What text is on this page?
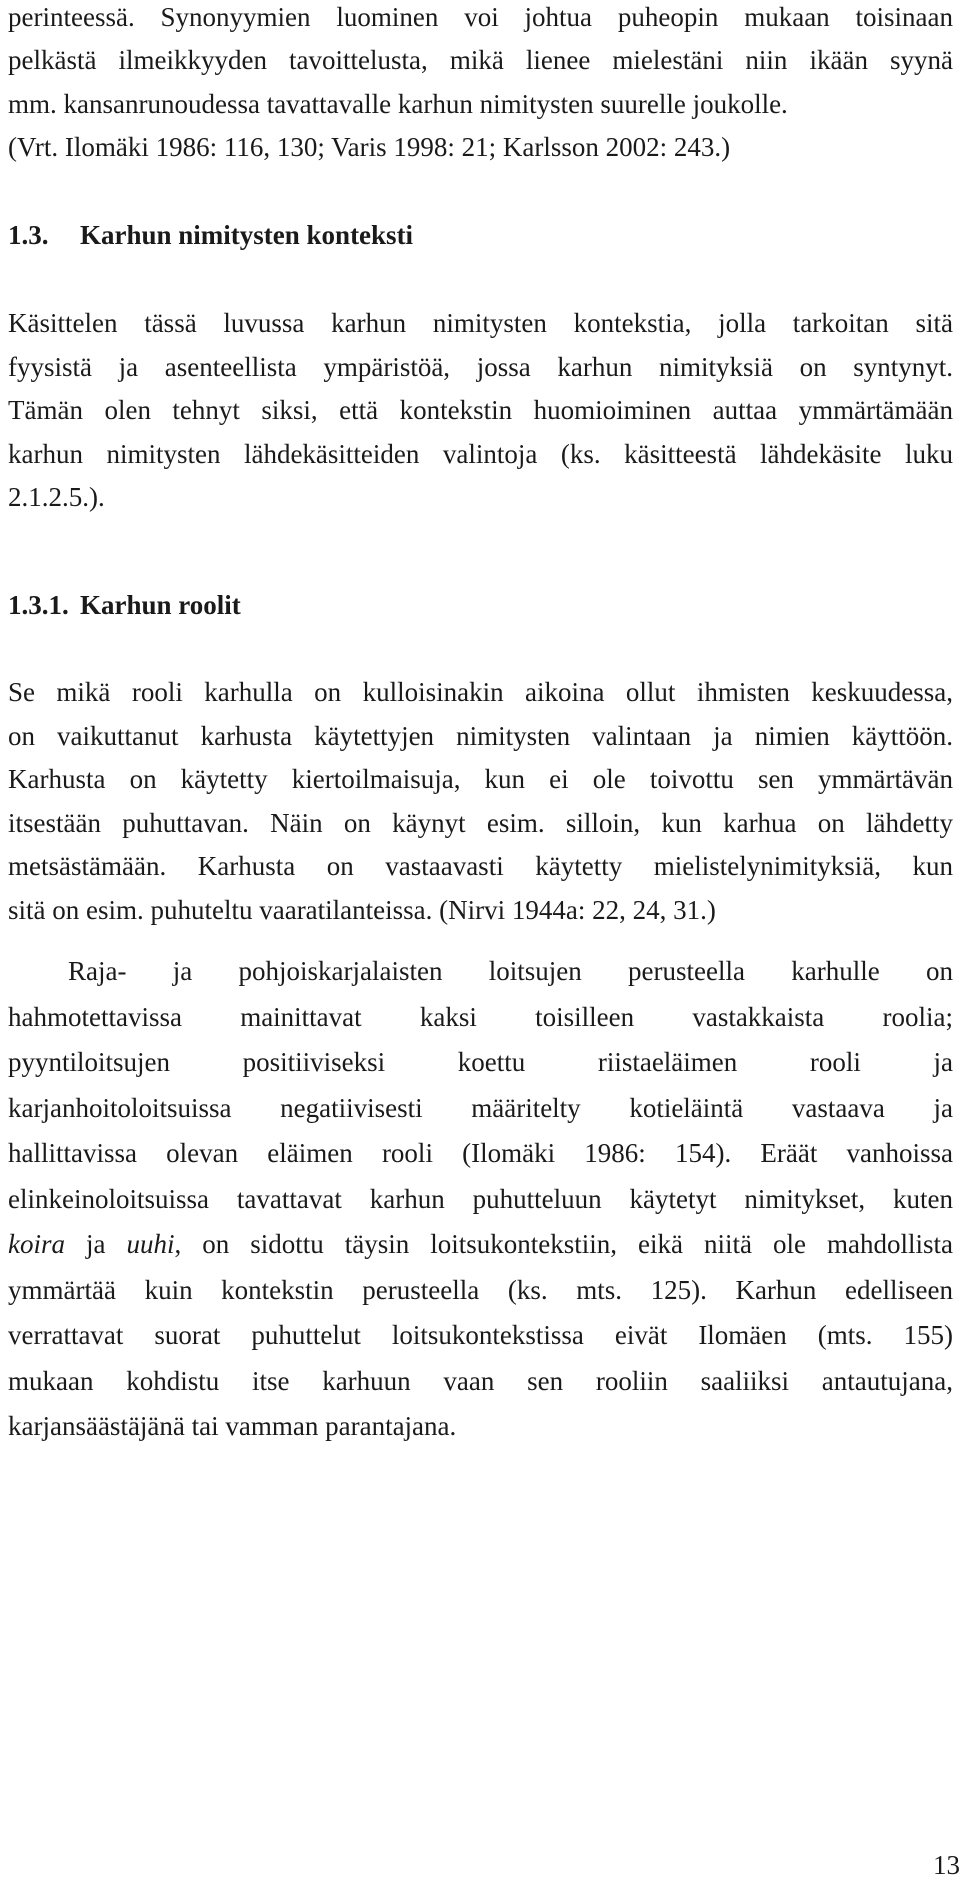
perinteessä. Synonyymien luominen voi johtua puheopin mukaan toisinaan
pelkästä ilmeikkyyden tavoittelusta, mikä lienee mielestäni niin ikään syynä
mm. kansanrunoudessa tavattavalle karhun nimitysten suurelle joukolle.
(Vrt. Ilomäki 1986: 116, 130; Varis 1998: 21; Karlsson 2002: 243.)
1.3. Karhun nimitysten konteksti
Käsittelen tässä luvussa karhun nimitysten kontekstia, jolla tarkoitan sitä
fyysistä ja asenteellista ympäristöä, jossa karhun nimityksiä on syntynyt.
Tämän olen tehnyt siksi, että kontekstin huomioiminen auttaa ymmärtämään
karhun nimitysten lähdekäsitteiden valintoja (ks. käsitteestä lähdekäsite luku
2.1.2.5.).
1.3.1. Karhun roolit
Se mikä rooli karhulla on kulloisinakin aikoina ollut ihmisten keskuudessa,
on vaikuttanut karhusta käytettyjen nimitysten valintaan ja nimien käyttöön.
Karhusta on käytetty kiertoilmaisuja, kun ei ole toivottu sen ymmärtävän
itsestään puhuttavan. Näin on käynyt esim. silloin, kun karhua on lähdetty
metsästämään. Karhusta on vastaavasti käytetty mielistelynimityksiä, kun
sitä on esim. puhuteltu vaaratilanteissa. (Nirvi 1944a: 22, 24, 31.)
Raja- ja pohjoiskarjalaisten loitsujen perusteella karhulle on
hahmotettavissa mainittavat kaksi toisilleen vastakkaista roolia;
pyyntiloitsujen positiiviseksi koettu riistaeläimen rooli ja
karjanhoitoloitsuissa negatiivisesti määritelty kotieläintä vastaava ja
hallittavissa olevan eläimen rooli (Ilomäki 1986: 154). Eräät vanhoissa
elinkeinoloitsuissa tavattavat karhun puhutteluun käytetyt nimitykset, kuten
koira ja uuhi, on sidottu täysin loitsukontekstiin, eikä niitä ole mahdollista
ymmärtää kuin kontekstin perusteella (ks. mts. 125). Karhun edelliseen
verrattavat suorat puhuttelut loitsukontekstissa eivät Ilomäen (mts. 155)
mukaan kohdistu itse karhuun vaan sen rooliin saaliiksi antautujana,
karjansäästäjänä tai vamman parantajana.
13
